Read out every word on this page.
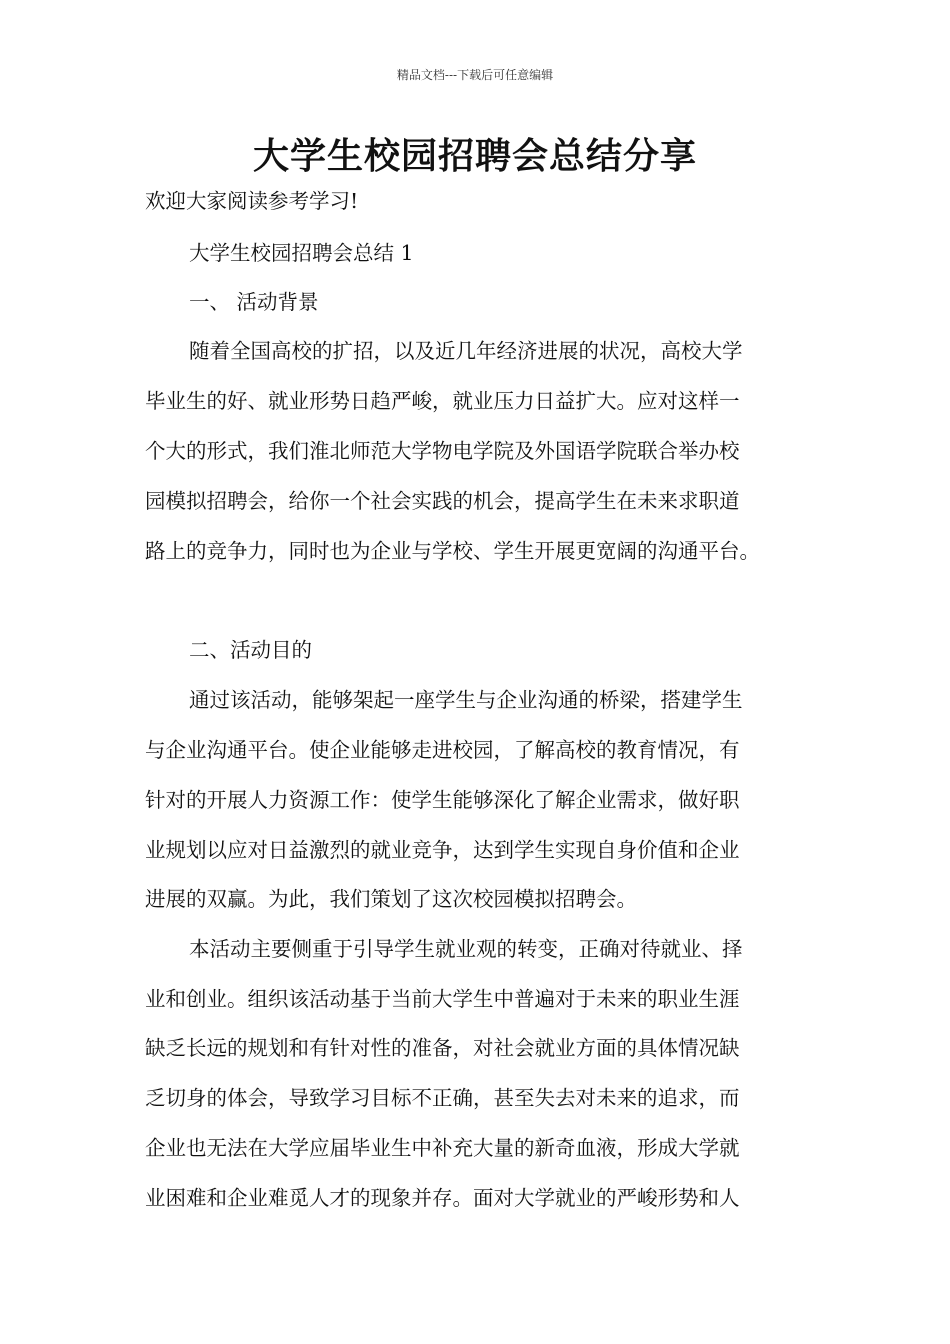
精品文档---下载后可任意编辑
大学生校园招聘会总结分享
欢迎大家阅读参考学习!
大学生校园招聘会总结 1
一、 活动背景
随着全国高校的扩招，以及近几年经济进展的状况，高校大学
毕业生的好、就业形势日趋严峻，就业压力日益扩大。应对这样一
个大的形式，我们淮北师范大学物电学院及外国语学院联合举办校
园模拟招聘会，给你一个社会实践的机会，提高学生在未来求职道
路上的竞争力，同时也为企业与学校、学生开展更宽阔的沟通平台。
二、活动目的
通过该活动，能够架起一座学生与企业沟通的桥梁，搭建学生
与企业沟通平台。使企业能够走进校园，了解高校的教育情况，有
针对的开展人力资源工作：使学生能够深化了解企业需求，做好职
业规划以应对日益激烈的就业竞争，达到学生实现自身价值和企业
进展的双赢。为此，我们策划了这次校园模拟招聘会。
本活动主要侧重于引导学生就业观的转变，正确对待就业、择
业和创业。组织该活动基于当前大学生中普遍对于未来的职业生涯
缺乏长远的规划和有针对性的准备，对社会就业方面的具体情况缺
乏切身的体会，导致学习目标不正确，甚至失去对未来的追求，而
企业也无法在大学应届毕业生中补充大量的新奇血液，形成大学就
业困难和企业难觅人才的现象并存。面对大学就业的严峻形势和人
